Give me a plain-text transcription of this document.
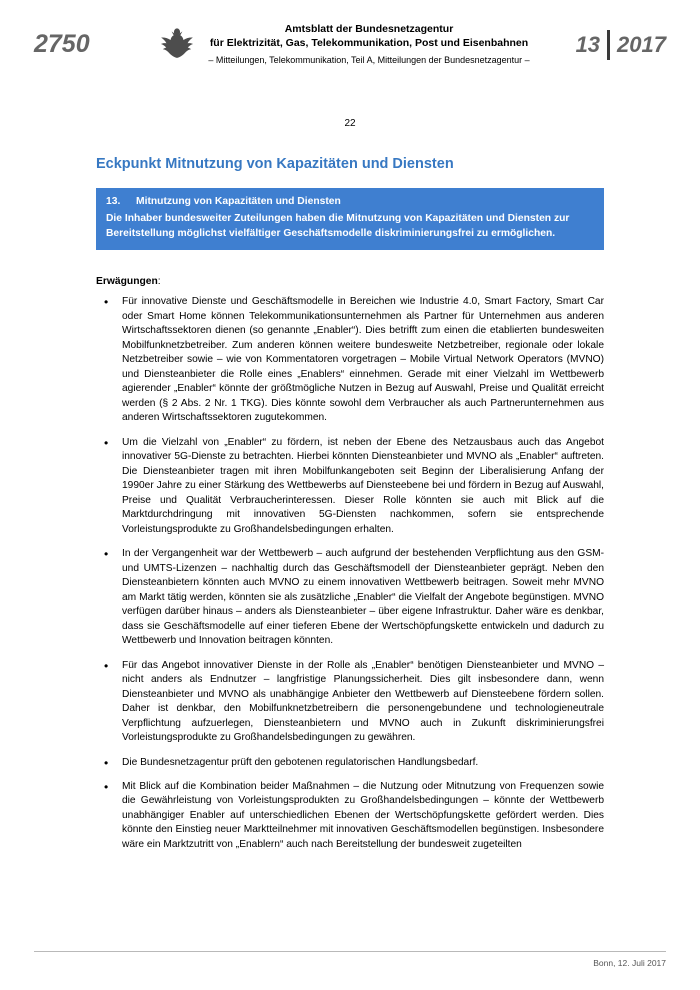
2750
Amtsblatt der Bundesnetzagentur
für Elektrizität, Gas, Telekommunikation, Post und Eisenbahnen
– Mitteilungen, Telekommunikation, Teil A, Mitteilungen der Bundesnetzagentur –
13 2017
22
Eckpunkt Mitnutzung von Kapazitäten und Diensten
13.	Mitnutzung von Kapazitäten und Diensten
Die Inhaber bundesweiter Zuteilungen haben die Mitnutzung von Kapazitäten und Diensten zur Bereitstellung möglichst vielfältiger Geschäftsmodelle diskriminierungsfrei zu ermöglichen.
Erwägungen:
• Für innovative Dienste und Geschäftsmodelle in Bereichen wie Industrie 4.0, Smart Factory, Smart Car oder Smart Home können Telekommunikationsunternehmen als Partner für Unternehmen aus anderen Wirtschaftssektoren dienen (so genannte „Enabler“). Dies betrifft zum einen die etablierten bundesweiten Mobilfunknetzbetreiber. Zum anderen können weitere bundesweite Netzbetreiber, regionale oder lokale Netzbetreiber sowie – wie von Kommentatoren vorgetragen – Mobile Virtual Network Operators (MVNO) und Diensteanbieter die Rolle eines „Enablers“ einnehmen. Gerade mit einer Vielzahl im Wettbewerb agierender „Enabler“ könnte der größtmögliche Nutzen in Bezug auf Auswahl, Preise und Qualität erreicht werden (§ 2 Abs. 2 Nr. 1 TKG). Dies könnte sowohl dem Verbraucher als auch Partnerunternehmen aus anderen Wirtschaftssektoren zugutekommen.
• Um die Vielzahl von „Enabler“ zu fördern, ist neben der Ebene des Netzausbaus auch das Angebot innovativer 5G-Dienste zu betrachten. Hierbei könnten Diensteanbieter und MVNO als „Enabler“ auftreten. Die Diensteanbieter tragen mit ihren Mobilfunkangeboten seit Beginn der Liberalisierung Anfang der 1990er Jahre zu einer Stärkung des Wettbewerbs auf Diensteebene bei und fördern in Bezug auf Auswahl, Preise und Qualität Verbraucherinteressen. Dieser Rolle könnten sie auch mit Blick auf die Marktdurchdringung mit innovativen 5G-Diensten nachkommen, sofern sie entsprechende Vorleistungsprodukte zu Großhandelsbedingungen erhalten.
• In der Vergangenheit war der Wettbewerb – auch aufgrund der bestehenden Verpflichtung aus den GSM- und UMTS-Lizenzen – nachhaltig durch das Geschäftsmodell der Diensteanbieter geprägt. Neben den Diensteanbietern könnten auch MVNO zu einem innovativen Wettbewerb beitragen. Soweit mehr MVNO am Markt tätig werden, könnten sie als zusätzliche „Enabler“ die Vielfalt der Angebote begünstigen. MVNO verfügen darüber hinaus – anders als Diensteanbieter – über eigene Infrastruktur. Daher wäre es denkbar, dass sie Geschäftsmodelle auf einer tieferen Ebene der Wertschöpfungskette entwickeln und dadurch zu Wettbewerb und Innovation beitragen könnten.
• Für das Angebot innovativer Dienste in der Rolle als „Enabler“ benötigen Diensteanbieter und MVNO – nicht anders als Endnutzer – langfristige Planungssicherheit. Dies gilt insbesondere dann, wenn Diensteanbieter und MVNO als unabhängige Anbieter den Wettbewerb auf Diensteebene fördern sollen. Daher ist denkbar, den Mobilfunknetzbetreibern die personengebundene und technologieneutrale Verpflichtung aufzuerlegen, Diensteanbietern und MVNO auch in Zukunft diskriminierungsfrei Vorleistungsprodukte zu Großhandelsbedingungen zu gewähren.
• Die Bundesnetzagentur prüft den gebotenen regulatorischen Handlungsbedarf.
• Mit Blick auf die Kombination beider Maßnahmen – die Nutzung oder Mitnutzung von Frequenzen sowie die Gewährleistung von Vorleistungsprodukten zu Großhandelsbedingungen – könnte der Wettbewerb unabhängiger Enabler auf unterschiedlichen Ebenen der Wertschöpfungskette gefördert werden. Dies könnte den Einstieg neuer Marktteilnehmer mit innovativen Geschäftsmodellen begünstigen. Insbesondere wäre ein Marktzutritt von „Enablern“ auch nach Bereitstellung der bundesweit zugeteilten
Bonn, 12. Juli 2017
